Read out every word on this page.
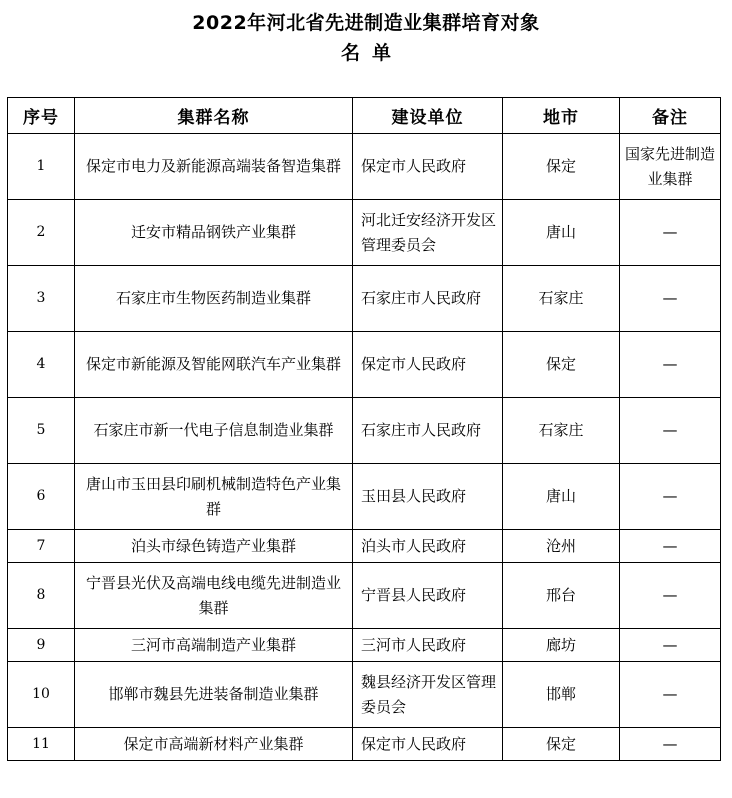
2022年河北省先进制造业集群培育对象
名单
序号	集群名称	建设单位	地市	备注
1	保定市电力及新能源高端装备智造集群	保定市人民政府	保定	国家先进制造业集群
2	迁安市精品钢铁产业集群	河北迁安经济开发区管理委员会	唐山	—
3	石家庄市生物医药制造业集群	石家庄市人民政府	石家庄	—
4	保定市新能源及智能网联汽车产业集群	保定市人民政府	保定	—
5	石家庄市新一代电子信息制造业集群	石家庄市人民政府	石家庄	—
6	唐山市玉田县印刷机械制造特色产业集群	玉田县人民政府	唐山	—
7	泊头市绿色铸造产业集群	泊头市人民政府	沧州	—
8	宁晋县光伏及高端电线电缆先进制造业集群	宁晋县人民政府	邢台	—
9	三河市高端制造产业集群	三河市人民政府	廊坊	—
10	邯郸市魏县先进装备制造业集群	魏县经济开发区管理委员会	邯郸	—
11	保定市高端新材料产业集群	保定市人民政府	保定	—
